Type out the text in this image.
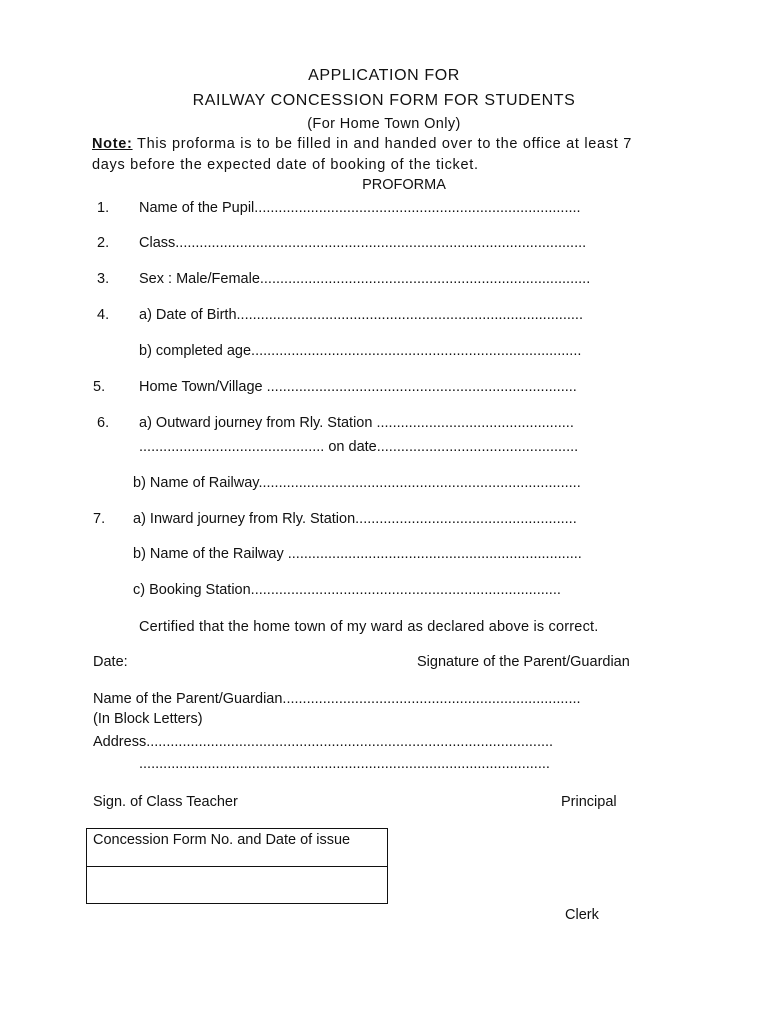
APPLICATION FOR
RAILWAY CONCESSION FORM FOR STUDENTS
(For Home Town Only)
Note: This proforma is to be filled in and handed over to the office at least 7
days before the expected date of booking of the ticket.
PROFORMA
1. Name of the Pupil.................................................................................
2. Class......................................................................................................
3. Sex : Male/Female..................................................................................
4. a) Date of Birth......................................................................................
b) completed age..................................................................................
5. Home Town/Village .............................................................................
6. a) Outward journey from Rly. Station .................................................
.............................................. on date..................................................
b) Name of Railway................................................................................
7. a) Inward journey from Rly. Station.......................................................
b) Name of the Railway .........................................................................
c) Booking Station.............................................................................
Certified that the home town of my ward as declared above is correct.
Date:	Signature of the Parent/Guardian
Name of the Parent/Guardian..........................................................................
(In Block Letters)
Address.....................................................................................................
......................................................................................................
Sign. of Class Teacher	Principal
Concession Form No. and Date of issue
Clerk
